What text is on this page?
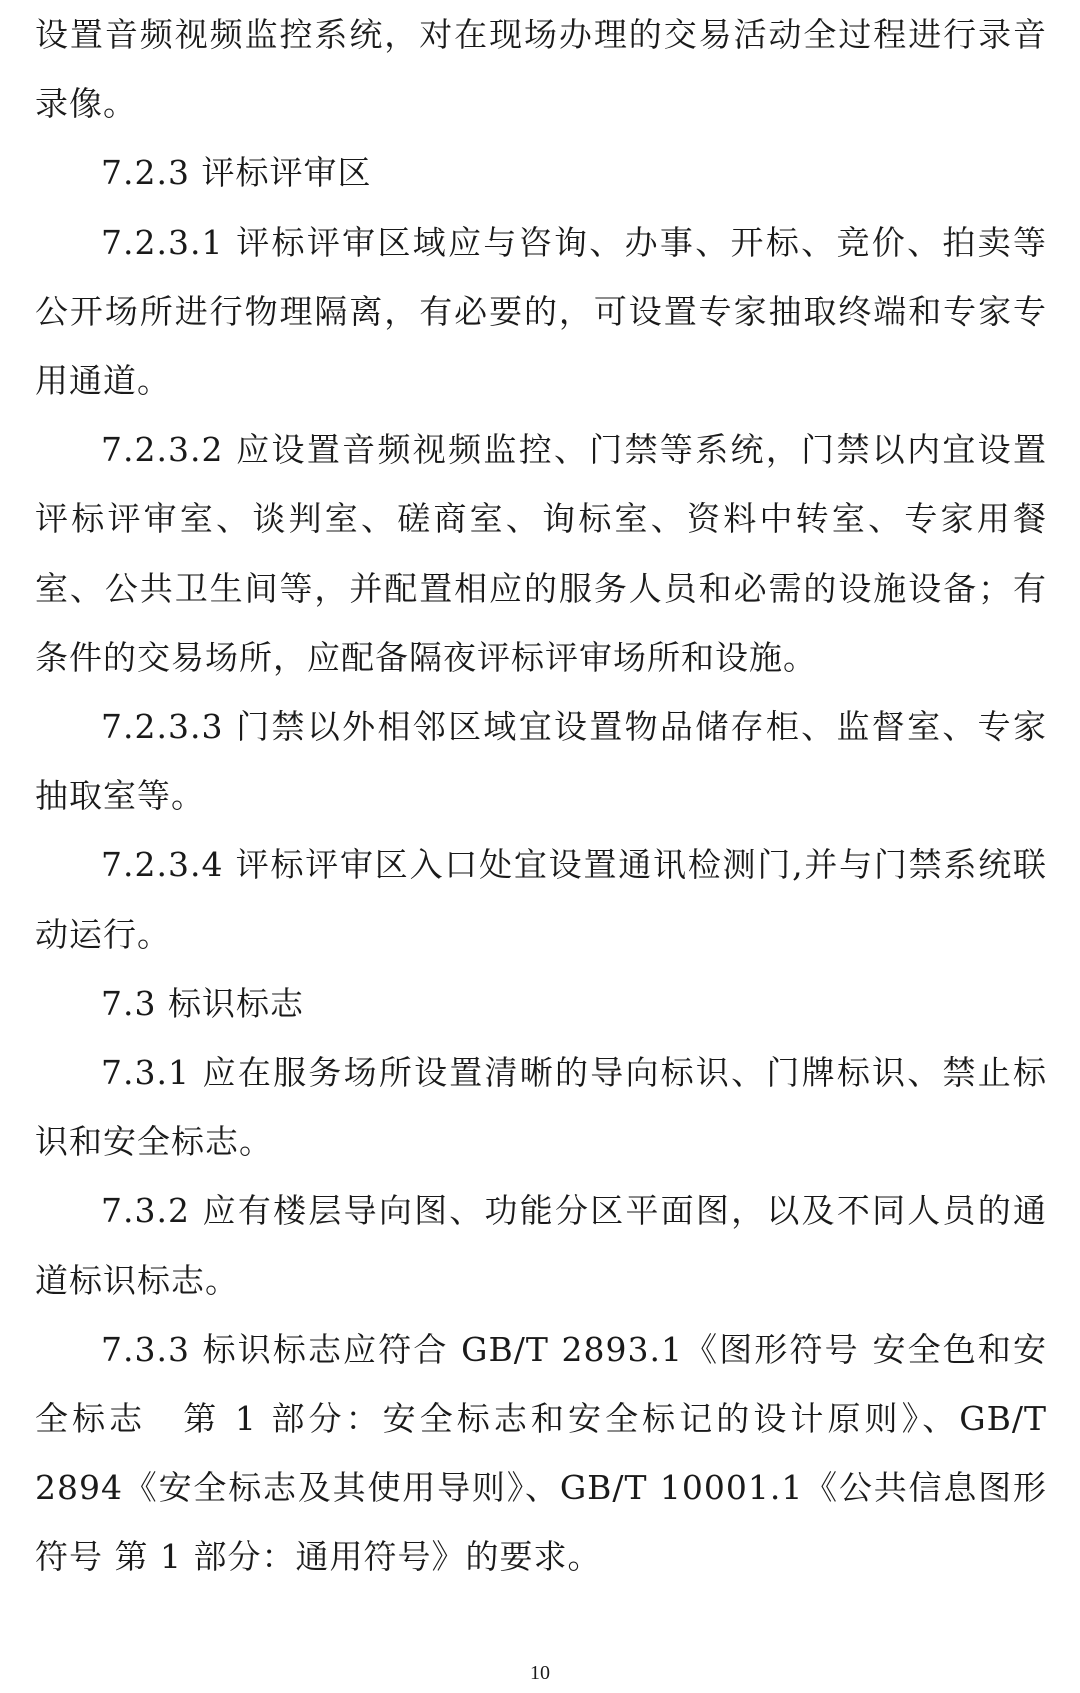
设置音频视频监控系统，对在现场办理的交易活动全过程进行录音录像。

7.2.3 评标评审区

7.2.3.1 评标评审区域应与咨询、办事、开标、竞价、拍卖等公开场所进行物理隔离，有必要的，可设置专家抽取终端和专家专用通道。

7.2.3.2 应设置音频视频监控、门禁等系统，门禁以内宜设置评标评审室、谈判室、磋商室、询标室、资料中转室、专家用餐室、公共卫生间等，并配置相应的服务人员和必需的设施设备；有条件的交易场所，应配备隔夜评标评审场所和设施。

7.2.3.3 门禁以外相邻区域宜设置物品储存柜、监督室、专家抽取室等。

7.2.3.4 评标评审区入口处宜设置通讯检测门,并与门禁系统联动运行。

7.3 标识标志

7.3.1 应在服务场所设置清晰的导向标识、门牌标识、禁止标识和安全标志。

7.3.2 应有楼层导向图、功能分区平面图，以及不同人员的通道标识标志。

7.3.3 标识标志应符合 GB/T 2893.1《图形符号 安全色和安全标志　第 1 部分：安全标志和安全标记的设计原则》、GB/T 2894《安全标志及其使用导则》、GB/T 10001.1《公共信息图形符号 第 1 部分：通用符号》的要求。

10
